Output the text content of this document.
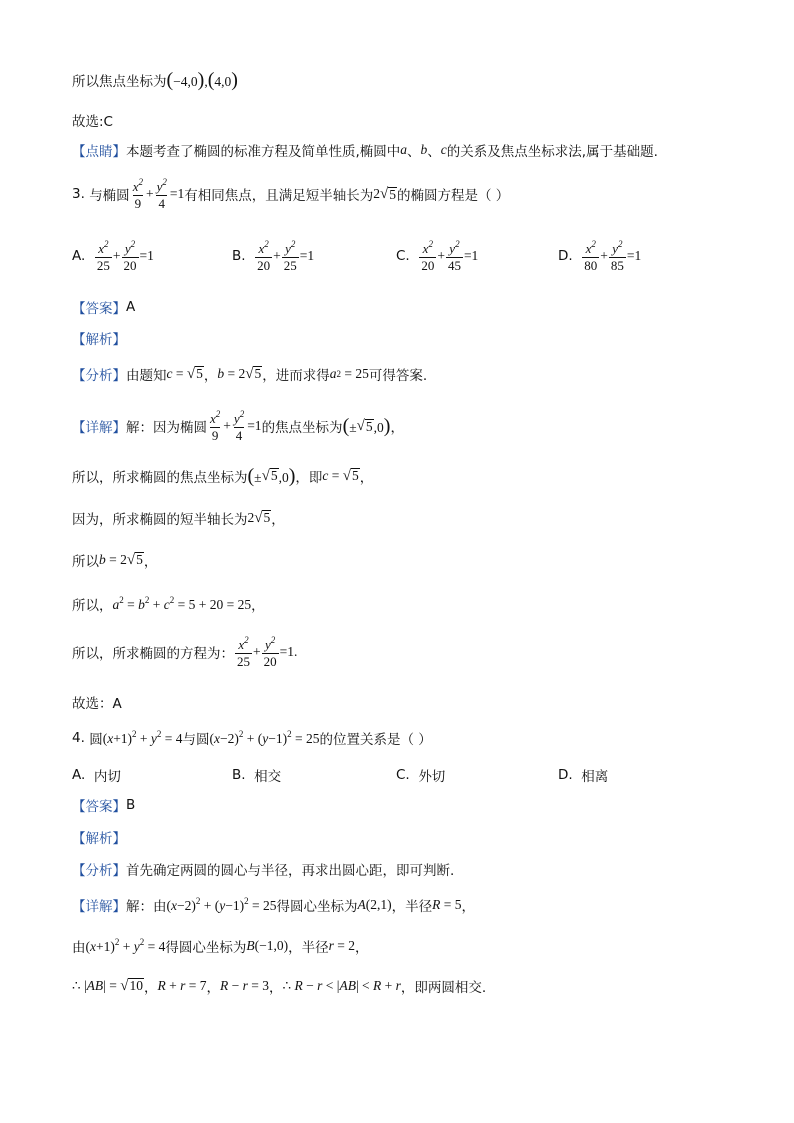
所以焦点坐标为 (−4,0),(4,0)
故选:C
【点睛】 本题考查了椭圆的标准方程及简单性质,椭圆中 a 、 b 、 c 的关系及焦点坐标求法,属于基础题.
3.
与椭圆 $\frac{x^2}{9} + \frac{y^2}{4} =1$ 有相同焦点，且满足短半轴长为 2 √ 5 的椭圆方程是（ ）
A.
$\frac{x^2}{25} + \frac{y^2}{20} =1$	B.
$\frac{x^2}{20} + \frac{y^2}{25} =1$	C.
$\frac{x^2}{20} + \frac{y^2}{45} =1$	D.
$\frac{x^2}{80} + \frac{y^2}{85} =1$
【答案】 A
【解析】
【分析】 由题知 c = √ 5 ， b = 2 √ 5 ，进而求得 a 2 = 25 可得答案.
【详解】 解：因为椭圆 $\frac{x^2}{9} + \frac{y^2}{4} =1$ 的焦点坐标为 (± √ 5 ,0) ，
所以，所求椭圆的焦点坐标为 (± √ 5 ,0) ，即 c = √ 5 ，
因为，所求椭圆的短半轴长为 2 √ 5 ，
所以 b = 2 √ 5 ，
所以， $a^2 = b^2 + c^2 = 5 + 20 = 25$ ，
所以，所求椭圆的方程为： $\frac{x^2}{25} + \frac{y^2}{20} =1$.
故选：A
4.
圆 $(x+1)^2 + y^2 = 4$ 与圆 $(x-2)^2 + (y-1)^2 = 25$ 的位置关系是（ ）
A.
内切	B.
相交	C.
外切	D.
相离
【答案】 B
【解析】
【分析】 首先确定两圆的圆心与半径，再求出圆心距，即可判断.
【详解】 解：由 $(x-2)^2 + (y-1)^2 = 25$ 得圆心坐标为 A(2,1) ，半径 R = 5 ，
由 $(x+1)^2 + y^2 = 4$ 得圆心坐标为 B(−1,0) ，半径 r = 2 ，
∴ |AB| = √ 10 ， R + r = 7 ， R − r = 3 ， ∴ R − r < |AB| < R + r ，即两圆相交.
